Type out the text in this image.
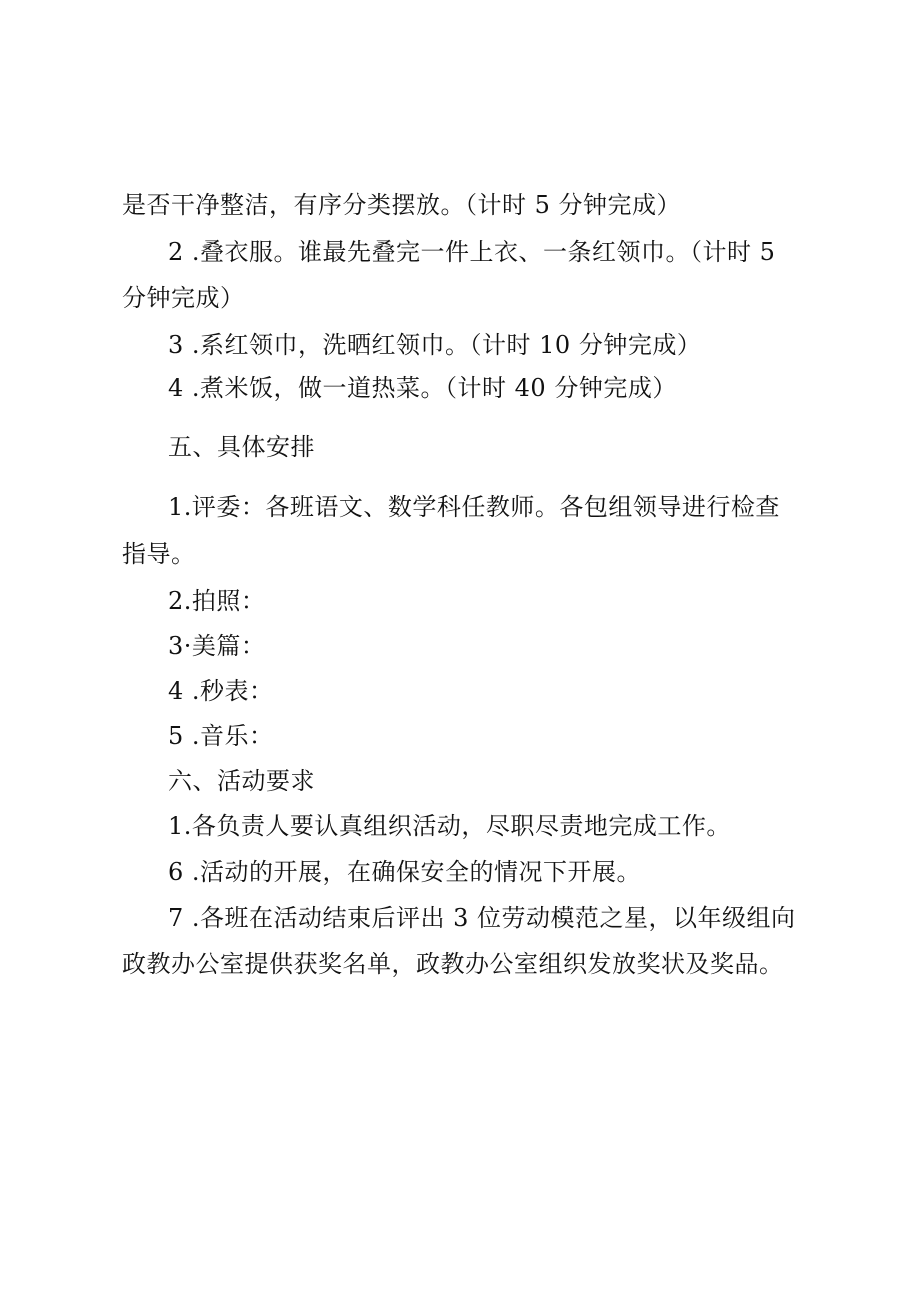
是否干净整洁，有序分类摆放。（计时 5 分钟完成）
2 .叠衣服。谁最先叠完一件上衣、一条红领巾。（计时 5
分钟完成）
3 .系红领巾，洗晒红领巾。（计时 10 分钟完成）
4 .煮米饭，做一道热菜。（计时 40 分钟完成）
五、具体安排
1.评委：各班语文、数学科任教师。各包组领导进行检查
指导。
2.拍照：
3·美篇：
4 .秒表：
5 .音乐：
六、活动要求
1.各负责人要认真组织活动，尽职尽责地完成工作。
6 .活动的开展，在确保安全的情况下开展。
7 .各班在活动结束后评出 3 位劳动模范之星，以年级组向
政教办公室提供获奖名单，政教办公室组织发放奖状及奖品。
